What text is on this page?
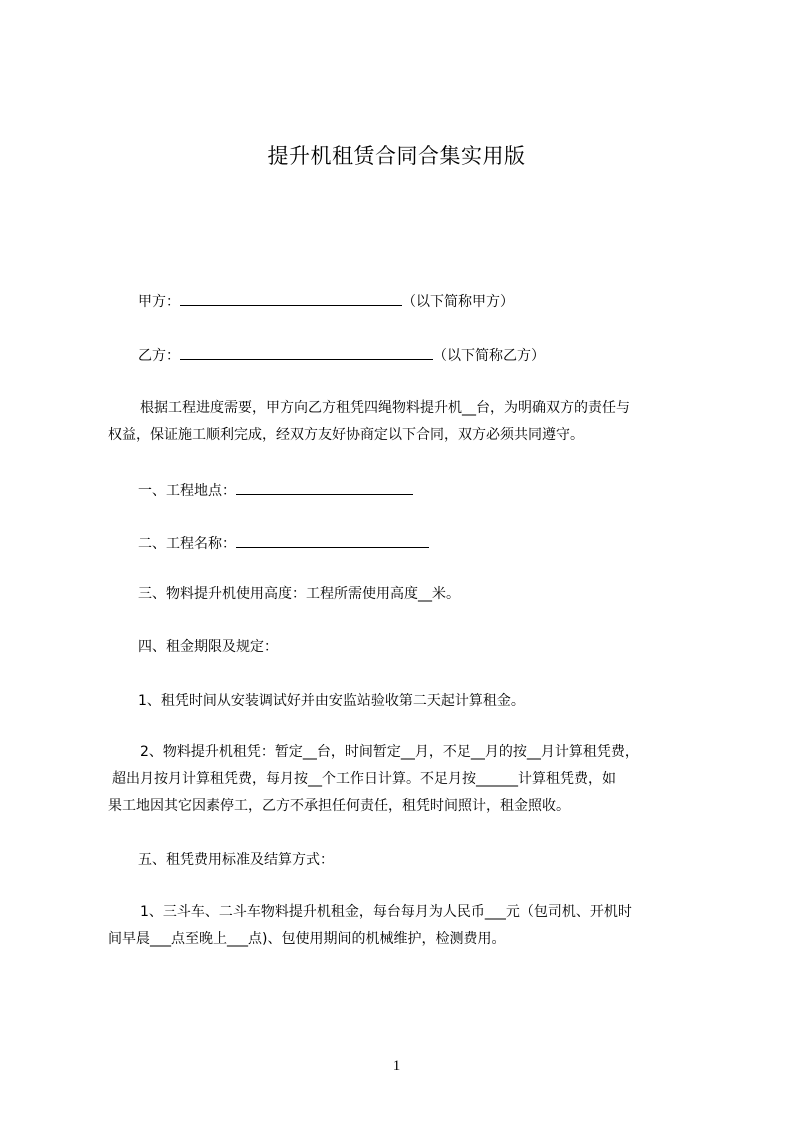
提升机租赁合同合集实用版

甲方：	（以下简称甲方）

乙方：	（以下简称乙方）

根据工程进度需要，甲方向乙方租凭四绳物料提升机__台，为明确双方的责任与
权益，保证施工顺利完成，经双方友好协商定以下合同，双方必须共同遵守。

一、工程地点：

二、工程名称：

三、物料提升机使用高度：工程所需使用高度__米。

四、租金期限及规定：

1、租凭时间从安装调试好并由安监站验收第二天起计算租金。

2、物料提升机租凭：暂定__台，时间暂定__月，不足__月的按__月计算租凭费，
超出月按月计算租凭费，每月按__个工作日计算。不足月按______计算租凭费，如
果工地因其它因素停工，乙方不承担任何责任，租凭时间照计，租金照收。

五、租凭费用标准及结算方式：

1、三斗车、二斗车物料提升机租金，每台每月为人民币___元（包司机、开机时
间早晨___点至晚上___点)、包使用期间的机械维护，检测费用。
1
